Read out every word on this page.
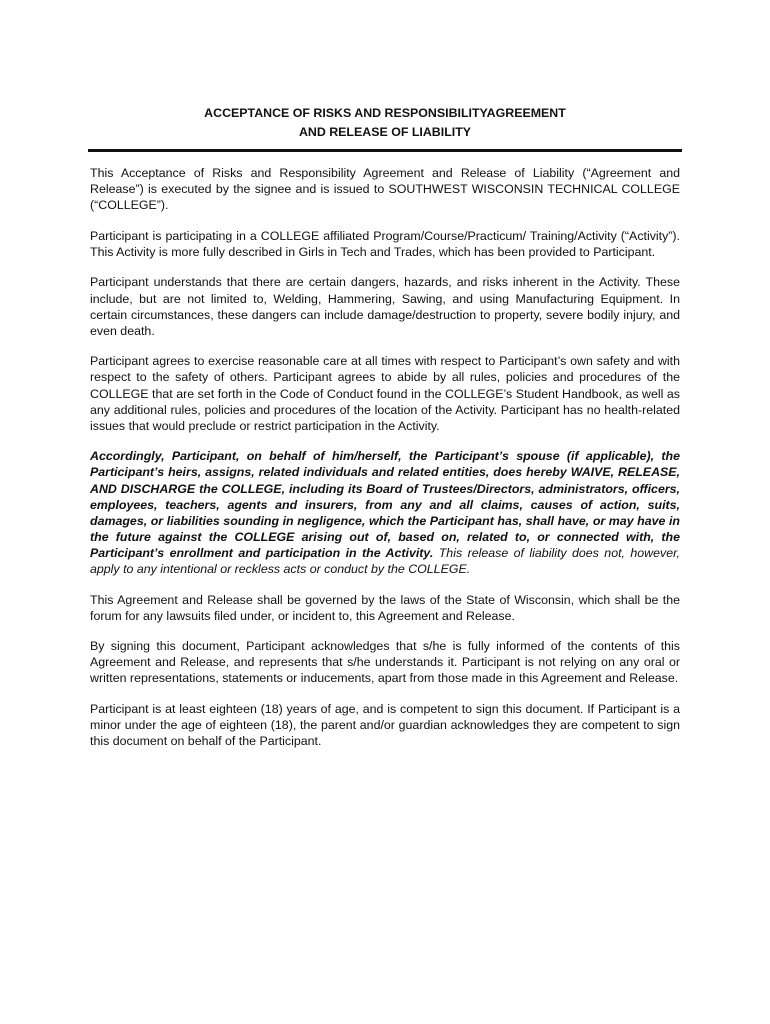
ACCEPTANCE OF RISKS AND RESPONSIBILITYAGREEMENT
AND RELEASE OF LIABILITY

This Acceptance of Risks and Responsibility Agreement and Release of Liability (“Agreement and Release”) is executed by the signee and is issued to SOUTHWEST WISCONSIN TECHNICAL COLLEGE (“COLLEGE”).

Participant is participating in a COLLEGE affiliated Program/Course/Practicum/ Training/Activity (“Activity”). This Activity is more fully described in Girls in Tech and Trades, which has been provided to Participant.

Participant understands that there are certain dangers, hazards, and risks inherent in the Activity. These include, but are not limited to, Welding, Hammering, Sawing, and using Manufacturing Equipment. In certain circumstances, these dangers can include damage/destruction to property, severe bodily injury, and even death.

Participant agrees to exercise reasonable care at all times with respect to Participant’s own safety and with respect to the safety of others. Participant agrees to abide by all rules, policies and procedures of the COLLEGE that are set forth in the Code of Conduct found in the COLLEGE’s Student Handbook, as well as any additional rules, policies and procedures of the location of the Activity. Participant has no health-related issues that would preclude or restrict participation in the Activity.

Accordingly, Participant, on behalf of him/herself, the Participant’s spouse (if applicable), the Participant’s heirs, assigns, related individuals and related entities, does hereby WAIVE, RELEASE, AND DISCHARGE the COLLEGE, including its Board of Trustees/Directors, administrators, officers, employees, teachers, agents and insurers, from any and all claims, causes of action, suits, damages, or liabilities sounding in negligence, which the Participant has, shall have, or may have in the future against the COLLEGE arising out of, based on, related to, or connected with, the Participant’s enrollment and participation in the Activity. This release of liability does not, however, apply to any intentional or reckless acts or conduct by the COLLEGE.

This Agreement and Release shall be governed by the laws of the State of Wisconsin, which shall be the forum for any lawsuits filed under, or incident to, this Agreement and Release.

By signing this document, Participant acknowledges that s/he is fully informed of the contents of this Agreement and Release, and represents that s/he understands it. Participant is not relying on any oral or written representations, statements or inducements, apart from those made in this Agreement and Release.

Participant is at least eighteen (18) years of age, and is competent to sign this document. If Participant is a minor under the age of eighteen (18), the parent and/or guardian acknowledges they are competent to sign this document on behalf of the Participant.
